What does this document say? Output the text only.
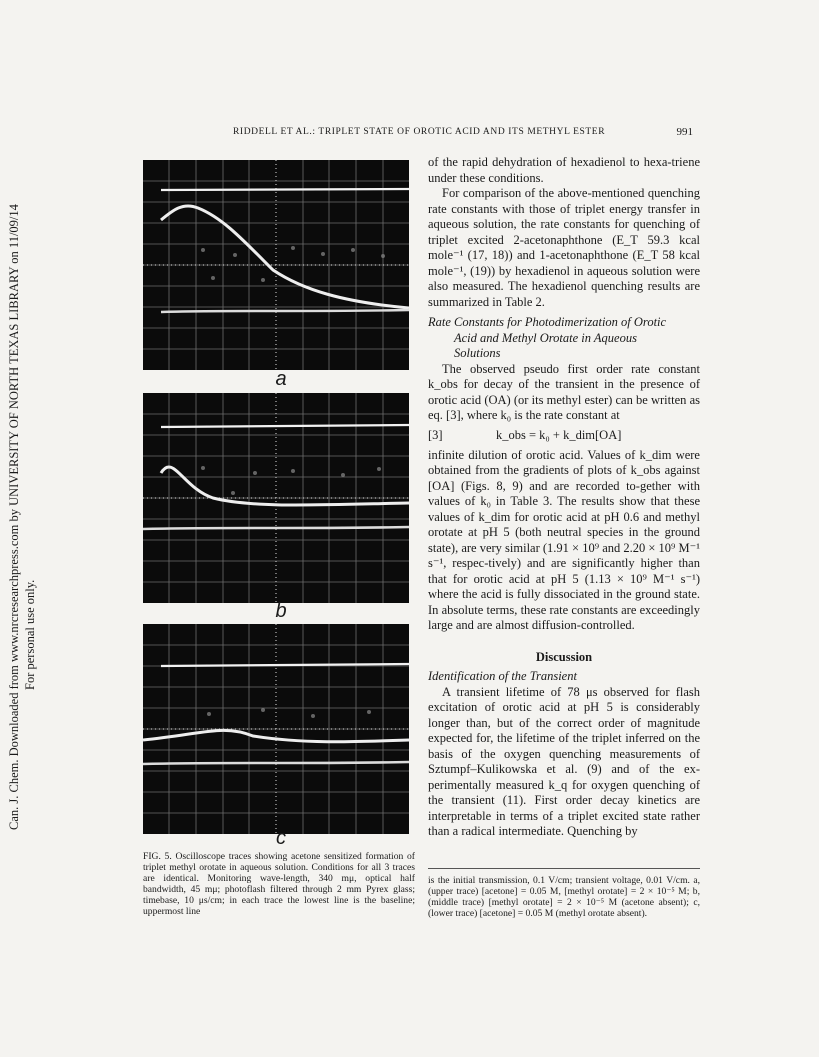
RIDDELL ET AL.: TRIPLET STATE OF OROTIC ACID AND ITS METHYL ESTER	991
Can. J. Chem. Downloaded from www.nrcresearchpress.com by UNIVERSITY OF NORTH TEXAS LIBRARY on 11/09/14 For personal use only.
a
b
c
FIG. 5. Oscilloscope traces showing acetone sensitized formation of triplet methyl orotate in aqueous solution. Conditions for all 3 traces are identical. Monitoring wave-length, 340 mμ, optical half bandwidth, 45 mμ; photoflash filtered through 2 mm Pyrex glass; timebase, 10 μs/cm; in each trace the lowest line is the baseline; uppermost line
is the initial transmission, 0.1 V/cm; transient voltage, 0.01 V/cm. a, (upper trace) [acetone] = 0.05 M, [methyl orotate] = 2 × 10⁻⁵ M; b, (middle trace) [methyl orotate] = 2 × 10⁻⁵ M (acetone absent); c, (lower trace) [acetone] = 0.05 M (methyl orotate absent).

of the rapid dehydration of hexadienol to hexa-triene under these conditions.

For comparison of the above-mentioned quenching rate constants with those of triplet energy transfer in aqueous solution, the rate constants for quenching of triplet excited 2-acetonaphthone (E_T 59.3 kcal mole⁻¹ (17, 18)) and 1-acetonaphthone (E_T 58 kcal mole⁻¹, (19)) by hexadienol in aqueous solution were also measured. The hexadienol quenching results are summarized in Table 2.

Rate Constants for Photodimerization of Orotic
Acid and Methyl Orotate in Aqueous
Solutions

The observed pseudo first order rate constant k_obs for decay of the transient in the presence of orotic acid (OA) (or its methyl ester) can be written as eq. [3], where k₀ is the rate constant at

[3]	k_obs = k₀ + k_dim[OA]

infinite dilution of orotic acid. Values of k_dim were obtained from the gradients of plots of k_obs against [OA] (Figs. 8, 9) and are recorded to-gether with values of k₀ in Table 3. The results show that these values of k_dim for orotic acid at pH 0.6 and methyl orotate at pH 5 (both neutral species in the ground state), are very similar (1.91 × 10⁹ and 2.20 × 10⁹ M⁻¹ s⁻¹, respec-tively) and are significantly higher than that for orotic acid at pH 5 (1.13 × 10⁹ M⁻¹ s⁻¹) where the acid is fully dissociated in the ground state. In absolute terms, these rate constants are exceedingly large and are almost diffusion-controlled.

Discussion
Identification of the Transient

A transient lifetime of 78 μs observed for flash excitation of orotic acid at pH 5 is considerably longer than, but of the correct order of magnitude expected for, the lifetime of the triplet inferred on the basis of the oxygen quenching measurements of Sztumpf–Kulikowska et al. (9) and of the ex-perimentally measured k_q for oxygen quenching of the transient (11). First order decay kinetics are interpretable in terms of a triplet excited state rather than a radical intermediate. Quenching by
